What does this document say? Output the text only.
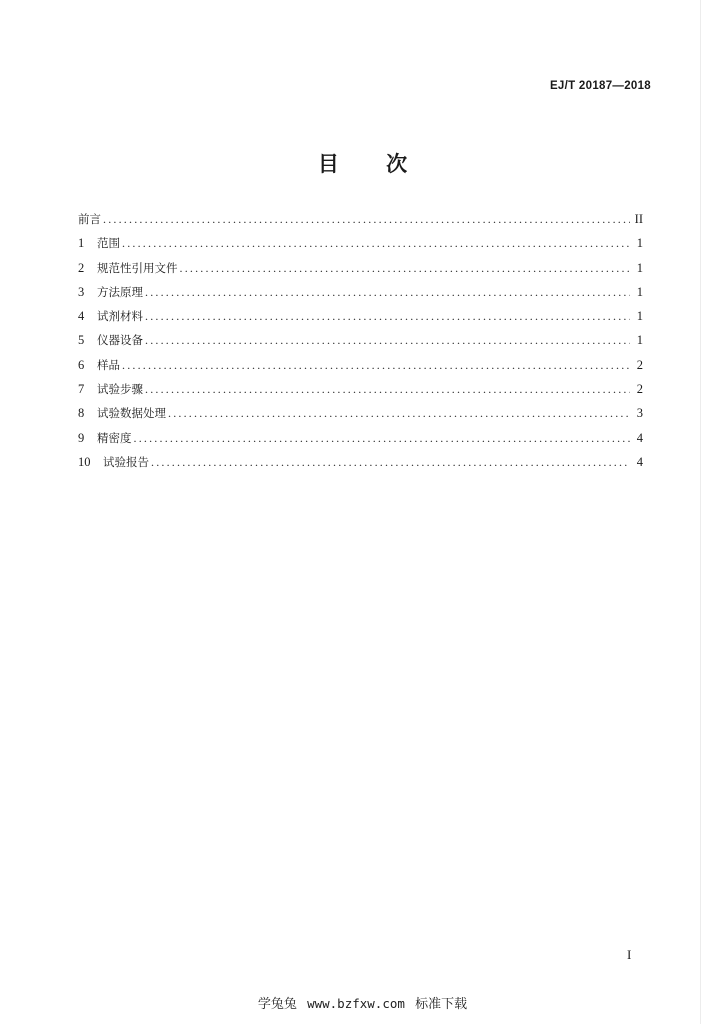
EJ/T 20187—2018
目 次
前言 . . .	II
1	范围 . . .	1
2	规范性引用文件 . . .	1
3	方法原理 . . .	1
4	试剂材料 . . .	1
5	仪器设备 . . .	1
6	样品 . . .	2
7	试验步骤 . . .	2
8	试验数据处理 . . .	3
9	精密度 . . .	4
10	试验报告 . . .	4
I
学兔兔 www.bzfxw.com 标准下载
